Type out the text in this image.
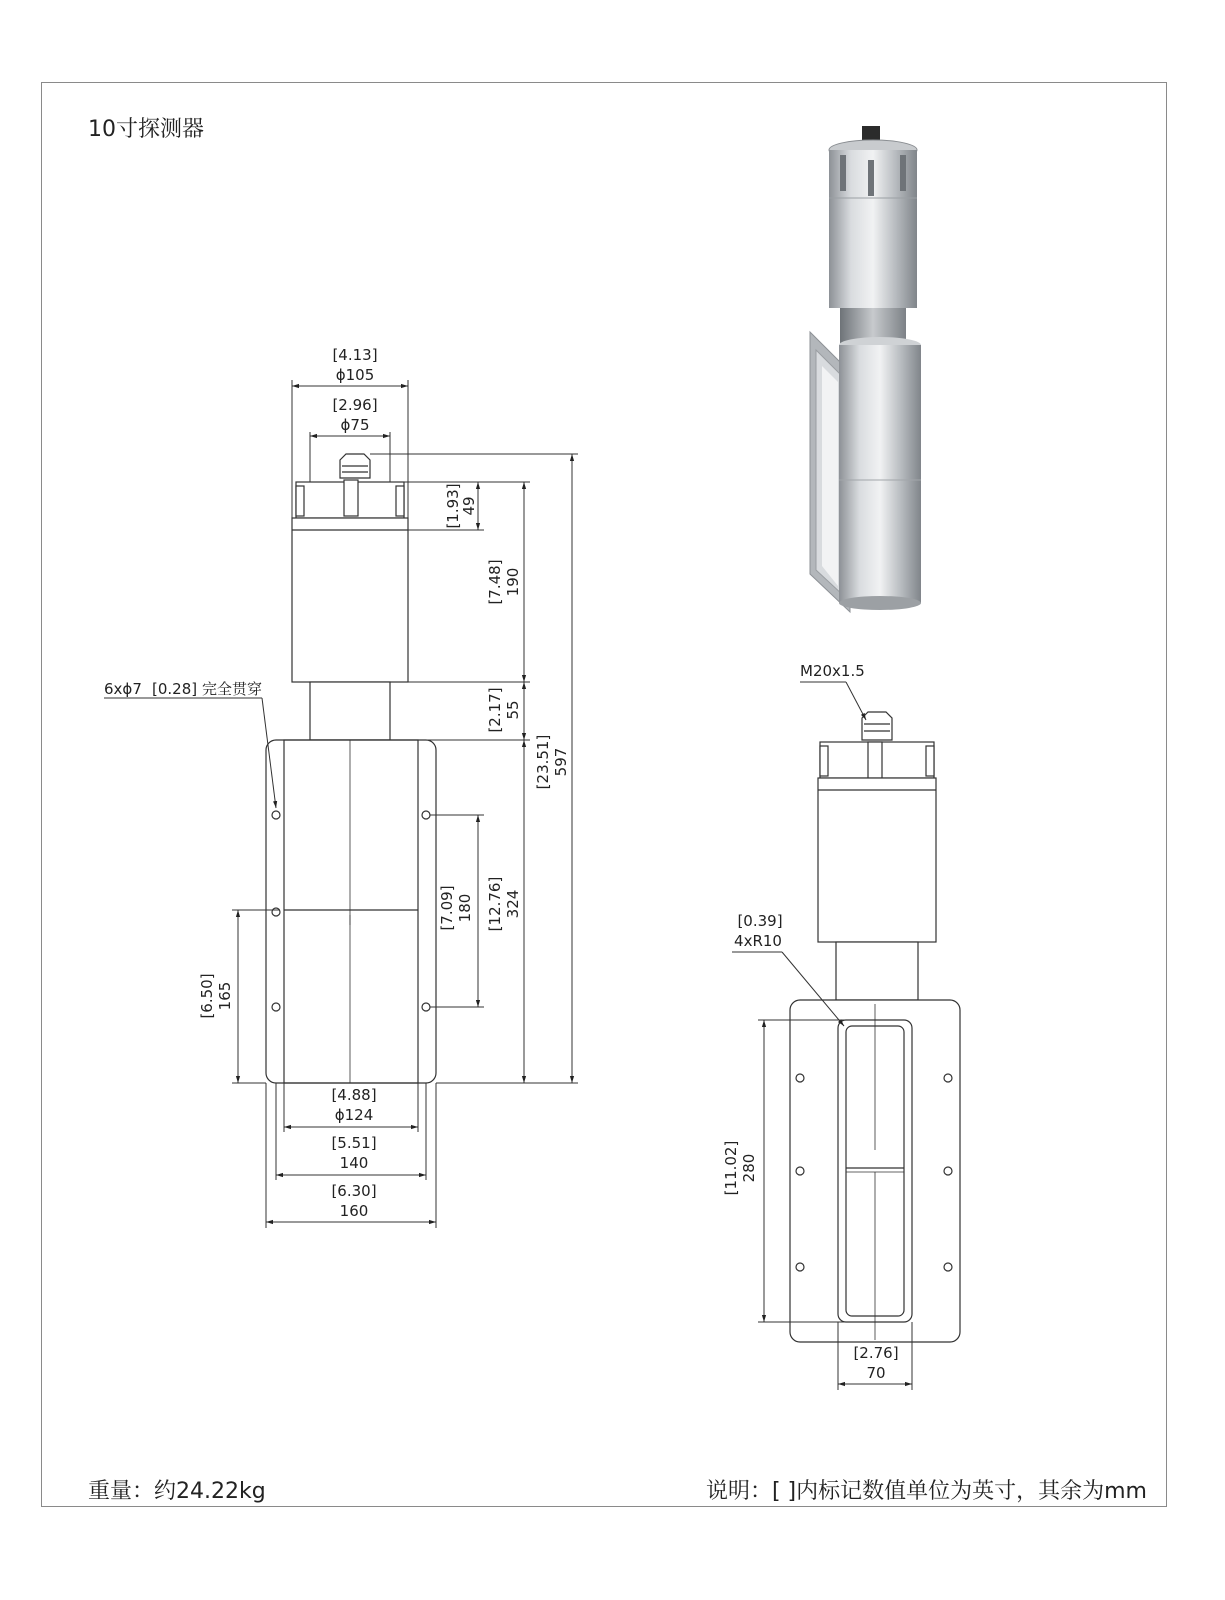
10寸探测器
重量：约24.22kg	说明：[ ]内标记数值单位为英寸，其余为mm
[4.13]
ϕ105
[2.96]
ϕ75
[1.93]
49
[7.48] 190
[2.17] 55
[23.51] 597
[7.09] 180 [12.76] 324
[6.50] 165
[4.88]
ϕ124
[5.51]
140
[6.30]
160
6xϕ7 [0.28] 完全贯穿
M20x1.5
[0.39]
4xR10
[11.02] 280
[2.76]
70
